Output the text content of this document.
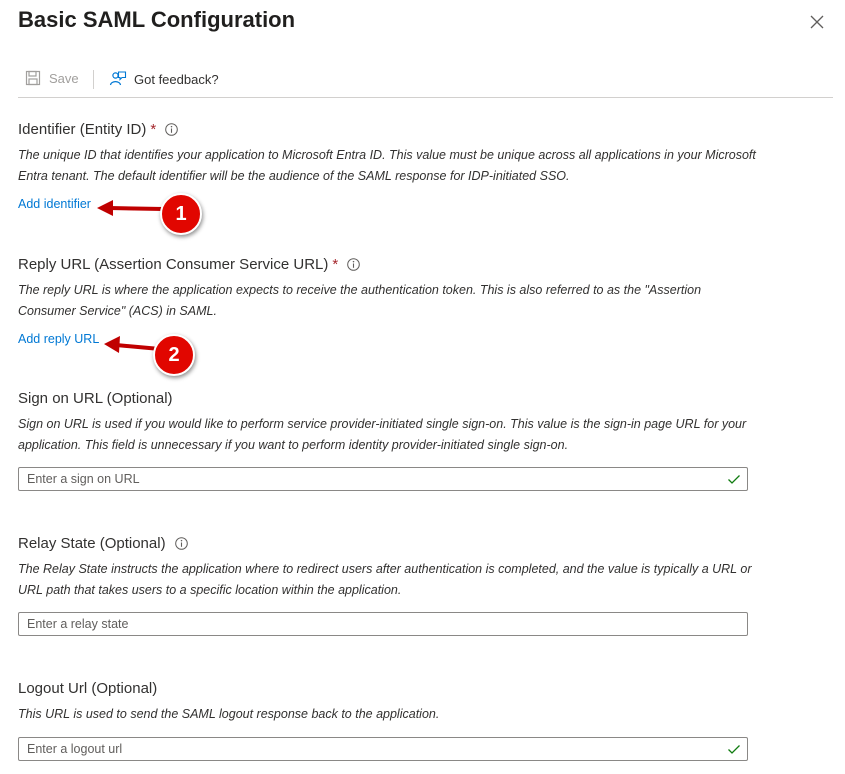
Basic SAML Configuration
Save	Got feedback?
Identifier (Entity ID) *
The unique ID that identifies your application to Microsoft Entra ID. This value must be unique across all applications in your Microsoft Entra tenant. The default identifier will be the audience of the SAML response for IDP-initiated SSO.
Add identifier	1
Reply URL (Assertion Consumer Service URL) *
The reply URL is where the application expects to receive the authentication token. This is also referred to as the "Assertion Consumer Service" (ACS) in SAML.
Add reply URL
2
Sign on URL (Optional)
Sign on URL is used if you would like to perform service provider-initiated single sign-on. This value is the sign-in page URL for your application. This field is unnecessary if you want to perform identity provider-initiated single sign-on.
Enter a sign on URL
Relay State (Optional)
The Relay State instructs the application where to redirect users after authentication is completed, and the value is typically a URL or URL path that takes users to a specific location within the application.
Enter a relay state
Logout Url (Optional)
This URL is used to send the SAML logout response back to the application.
Enter a logout url
